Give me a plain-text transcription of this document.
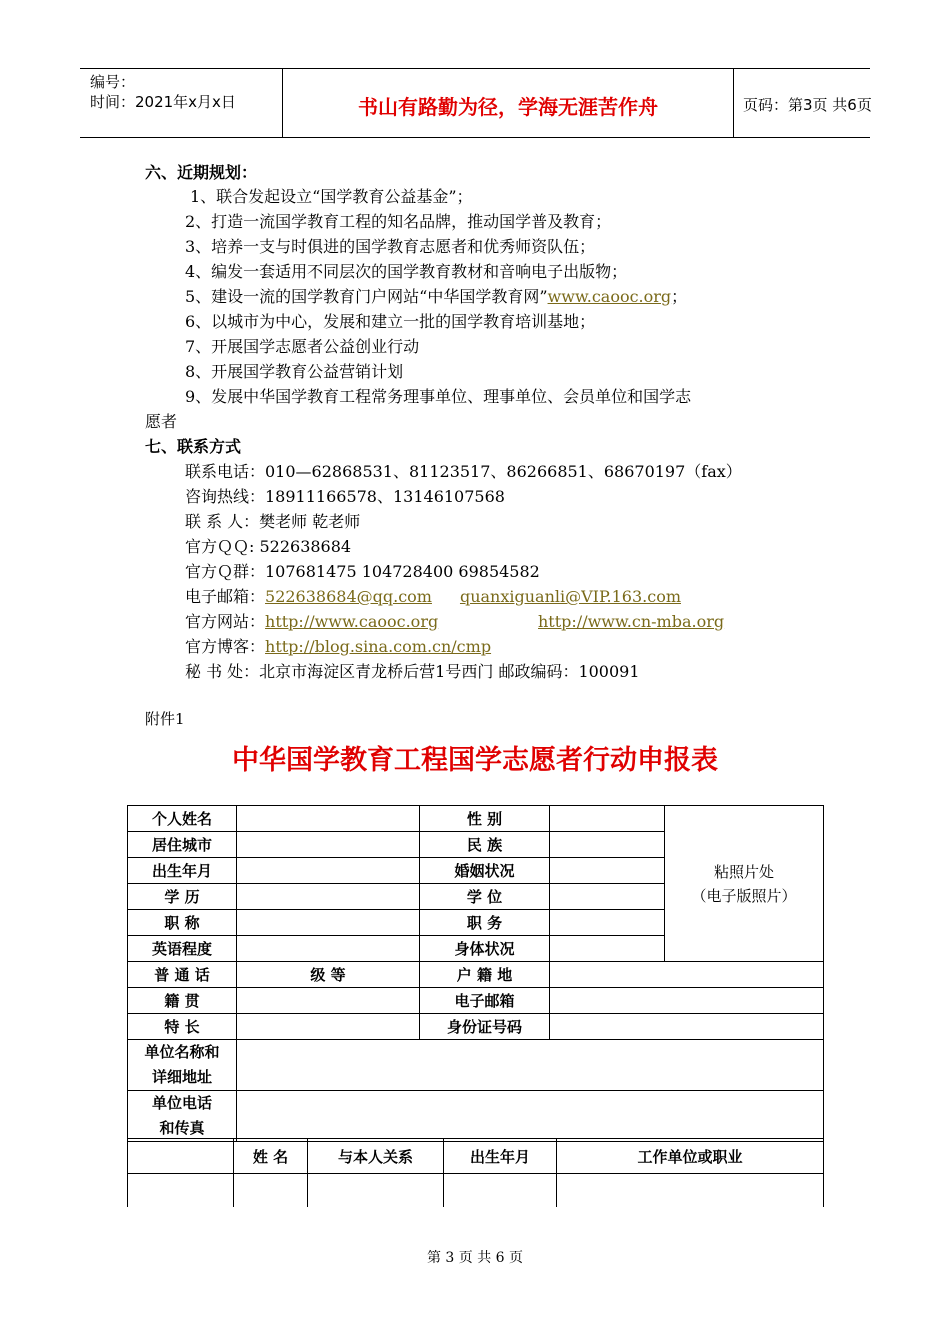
编号：
时间：2021年x月x日	书山有路勤为径，学海无涯苦作舟	页码：第3页 共6页
六、近期规划：
1、联合发起设立“国学教育公益基金”；
2、打造一流国学教育工程的知名品牌，推动国学普及教育；
3、培养一支与时俱进的国学教育志愿者和优秀师资队伍；
4、编发一套适用不同层次的国学教育教材和音响电子出版物；
5、建设一流的国学教育门户网站“中华国学教育网”www.caooc.org；
6、以城市为中心，发展和建立一批的国学教育培训基地；
7、开展国学志愿者公益创业行动
8、开展国学教育公益营销计划
9、发展中华国学教育工程常务理事单位、理事单位、会员单位和国学志
愿者
七、联系方式
联系电话：010—62868531、81123517、86266851、68670197（fax）
咨询热线：18911166578、13146107568
联 系 人：樊老师 乾老师
官方ＱＱ: 522638684
官方Ｑ群：107681475 104728400 69854582
电子邮箱：522638684@qq.com quanxiguanli@VIP.163.com
官方网站：http://www.caooc.org	http://www.cn-mba.org
官方博客：http://blog.sina.com.cn/cmp
秘 书 处：北京市海淀区青龙桥后营1号西门 邮政编码：100091
附件1
中华国学教育工程国学志愿者行动申报表
个人姓名		性 别		粘照片处
（电子版照片）

居住城市		民 族		
出生年月		婚姻状况		
学 历		学 位		
职 称		职 务		
英语程度		身体状况		
普 通 话	级 等	户 籍 地		
籍 贯		电子邮箱		
特 长		身份证号码		

单位名称和
详细地址				

单位电话
和传真				

	姓 名	与本人关系	出生年月	工作单位或职业

第 3 页 共 6 页
